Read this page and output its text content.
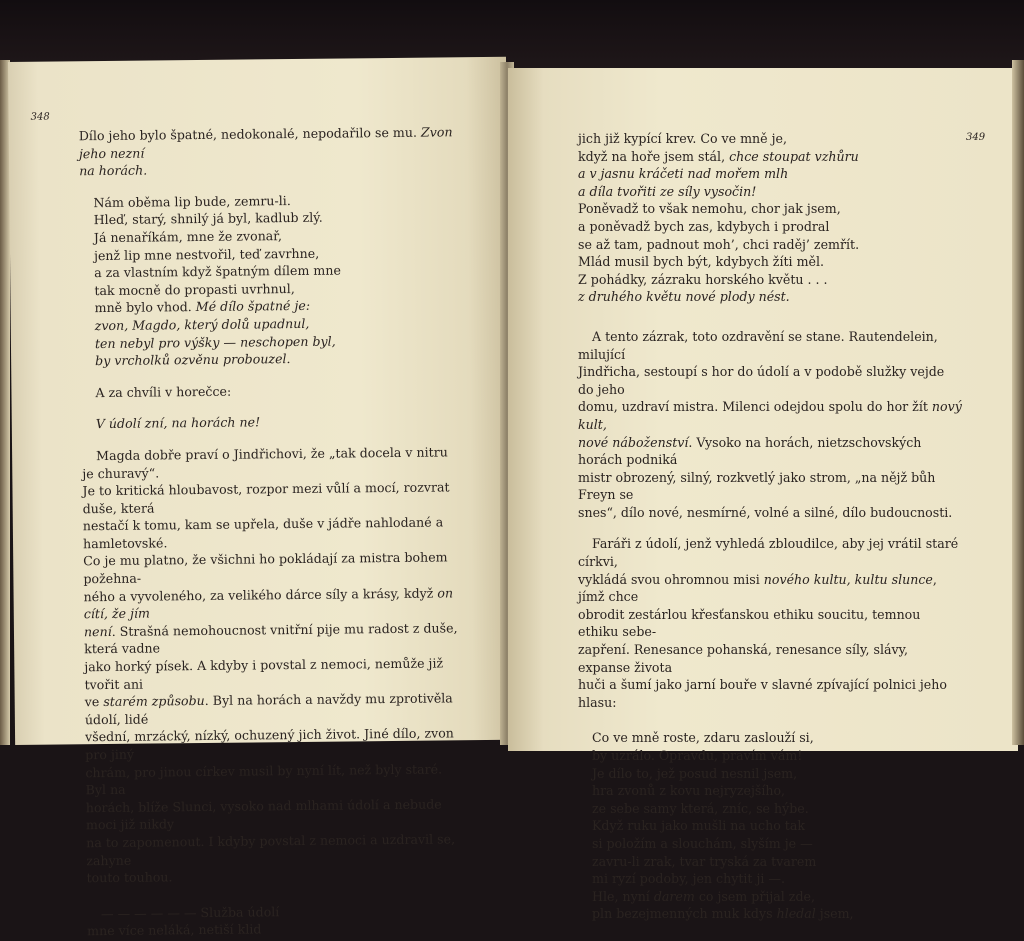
348

Dílo jeho bylo špatné, nedokonalé, nepodařilo se mu. Zvon jeho nezní

na horách.

Nám oběma lip bude, zemru-li.

Hleď, starý, shnilý já byl, kadlub zlý.

Já nenaříkám, mne že zvonař,

jenž lip mne nestvořil, teď zavrhne,

a za vlastním když špatným dílem mne

tak mocně do propasti uvrhnul,

mně bylo vhod. Mé dílo špatné je:

zvon, Magdo, který dolů upadnul,

ten nebyl pro výšky — neschopen byl,

by vrcholků ozvěnu probouzel.

A za chvíli v horečce:

V údolí zní, na horách ne!

Magda dobře praví o Jindřichovi, že „tak docela v nitru je churavý“.

Je to kritická hloubavost, rozpor mezi vůlí a mocí, rozvrat duše, která

nestačí k tomu, kam se upřela, duše v jádře nahlodané a hamletovské.

Co je mu platno, že všichni ho pokládají za mistra bohem požehna-

ného a vyvoleného, za velikého dárce síly a krásy, když on cítí, že jím

není. Strašná nemohoucnost vnitřní pije mu radost z duše, která vadne

jako horký písek. A kdyby i povstal z nemoci, nemůže již tvořit ani

ve starém způsobu. Byl na horách a navždy mu zprotivěla údolí, lidé

všední, mrzácký, nízký, ochuzený jich život. Jiné dílo, zvon pro jiný

chrám, pro jinou církev musil by nyní lít, než byly staré. Byl na

horách, blíže Slunci, vysoko nad mlhami údolí a nebude moci již nikdy

na to zapomenout. I kdyby povstal z nemoci a uzdravil se, zahyne

touto touhou.

— — — — — — Služba údolí

mne více neláká, netiší klid

349

jich již kypící krev. Co ve mně je,

když na hoře jsem stál, chce stoupat vzhůru

a v jasnu kráčeti nad mořem mlh

a díla tvořiti ze síly vysočin!

Poněvadž to však nemohu, chor jak jsem,

a poněvadž bych zas, kdybych i prodral

se až tam, padnout moh’, chci raděj’ zemřít.

Mlád musil bych být, kdybych žíti měl.

Z pohádky, zázraku horského květu . . .

z druhého květu nové plody nést.

A tento zázrak, toto ozdravění se stane. Rautendelein, milující

Jindřicha, sestoupí s hor do údolí a v podobě služky vejde do jeho

domu, uzdraví mistra. Milenci odejdou spolu do hor žít nový kult,

nové náboženství. Vysoko na horách, nietzschovských horách podniká

mistr obrozený, silný, rozkvetlý jako strom, „na nějž bůh Freyn se

snes“, dílo nové, nesmírné, volné a silné, dílo budoucnosti.

Faráři z údolí, jenž vyhledá zbloudilce, aby jej vrátil staré církvi,

vykládá svou ohromnou misi nového kultu, kultu slunce, jímž chce

obrodit zestárlou křesťanskou ethiku soucitu, temnou ethiku sebe-

zapření. Renesance pohanská, renesance síly, slávy, expanse života

huči a šumí jako jarní bouře v slavné zpívající polnici jeho hlasu:

Co ve mně roste, zdaru zaslouží si,

by uzrálo. Opravdu, pravím vám!

Je dílo to, jež posud nesnil jsem,

hra zvonů z kovu nejryzejšího,

ze sebe samy která, zníc, se hýbe.

Když ruku jako mušli na ucho tak

si položím a slouchám, slyším je —

zavru-li zrak, tvar tryská za tvarem

mi ryzí podoby, jen chytit ji —.

Hle, nyní darem co jsem přijal zde,

pln bezejmenných muk kdys hledal jsem,
